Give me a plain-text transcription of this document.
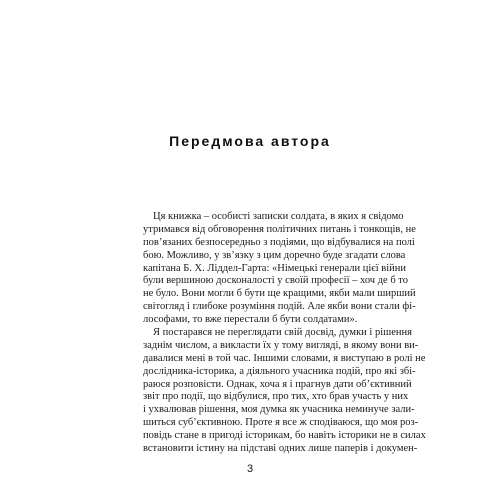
Передмова автора
Ця книжка – особисті записки солдата, в яких я свідомо
утримався від обговорення політичних питань і тонкощів, не
пов’язаних безпосередньо з подіями, що відбувалися на полі
бою. Можливо, у зв’язку з цим доречно буде згадати слова
капітана Б. Х. Ліддел-Гарта: «Німецькі генерали цієї війни
були вершиною досконалості у своїй професії – хоч де б то
не було. Вони могли б бути ще кращими, якби мали ширший
світогляд і глибоке розуміння подій. Але якби вони стали фі-
лософами, то вже перестали б бути солдатами».
Я постарався не переглядати свій досвід, думки і рішення
заднім числом, а викласти їх у тому вигляді, в якому вони ви-
давалися мені в той час. Іншими словами, я виступаю в ролі не
дослідника-історика, а діяльного учасника подій, про які збі-
раюся розповісти. Однак, хоча я і прагнув дати об’єктивний
звіт про події, що відбулися, про тих, хто брав участь у них
і ухвалював рішення, моя думка як учасника неминуче зали-
шиться суб’єктивною. Проте я все ж сподіваюся, що моя роз-
повідь стане в пригоді історикам, бо навіть історики не в силах
встановити істину на підставі одних лише паперів і докумен-
3
